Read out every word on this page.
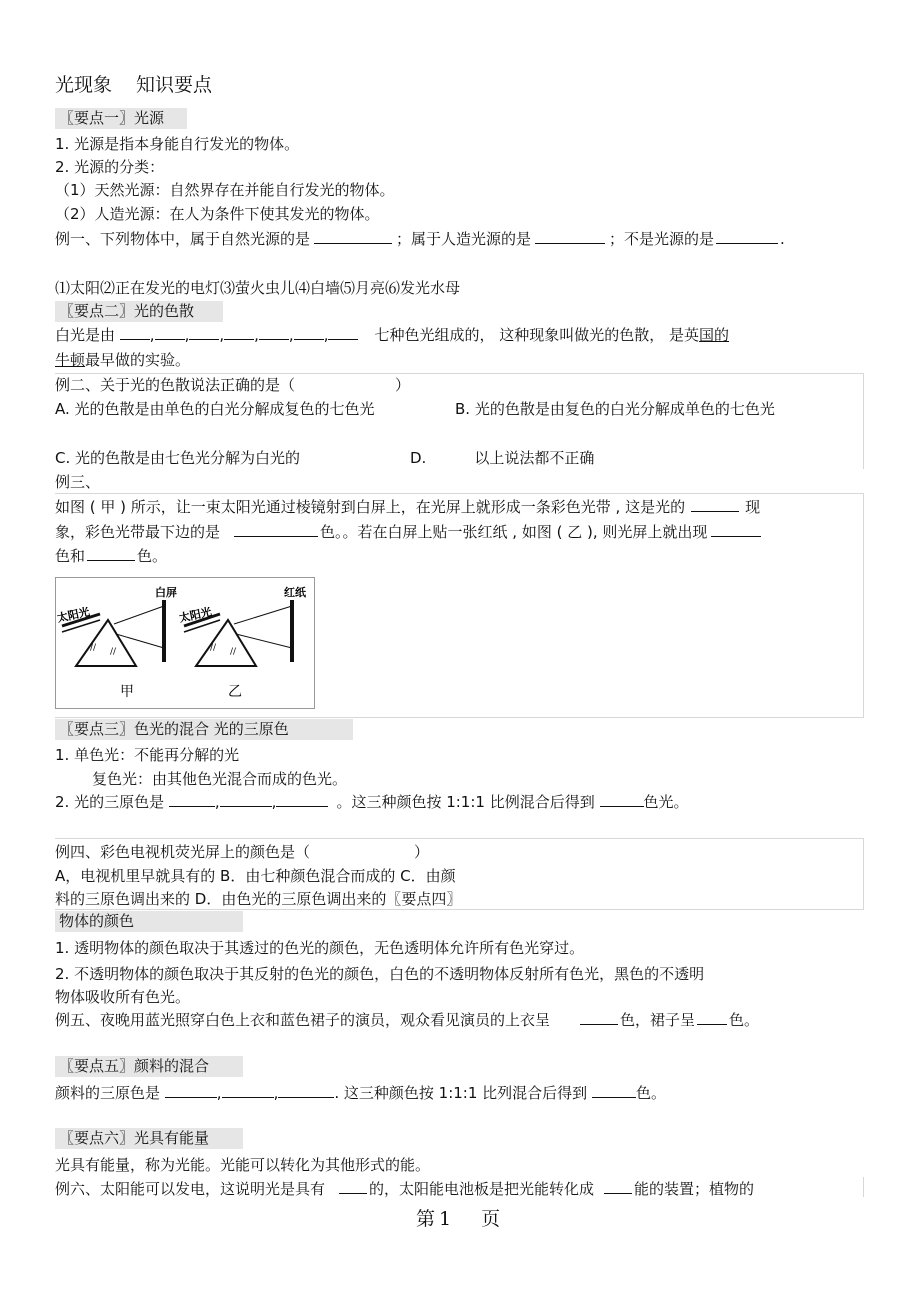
光现象 知识要点
〖要点一〗光源
1. 光源是指本身能自行发光的物体。
2. 光源的分类：
（1）天然光源：自然界存在并能自行发光的物体。
（2）人造光源：在人为条件下使其发光的物体。
例一、下列物体中，属于自然光源的是	；属于人造光源的是	；不是光源的是	.
⑴太阳⑵正在发光的电灯⑶萤火虫儿⑷白墙⑸月亮⑹发光水母
〖要点二〗光的色散
白光是由 , , , , , ,	七种色光组成的， 这种现象叫做光的色散， 是英国的
牛顿最早做的实验。
例二、关于光的色散说法正确的是（	）
A. 光的色散是由单色的白光分解成复色的七色光	B. 光的色散是由复色的白光分解成单色的七色光
C. 光的色散是由七色光分解为白光的	D.	以上说法都不正确
例三、
如图 ( 甲 ) 所示，让一束太阳光通过棱镜射到白屏上，在光屏上就形成一条彩色光带 , 这是光的	现
象，彩色光带最下边的是	色。。若在白屏上贴一张红纸 , 如图 ( 乙 ), 则光屏上就出现
色和	色。
// //
太阳光
白屏
// //
太阳光
红纸
甲	乙
〖要点三〗色光的混合 光的三原色
1. 单色光：不能再分解的光
复色光：由其他色光混合而成的色光。
2. 光的三原色是	,	,	。这三种颜色按 1:1:1 比例混合后得到	色光。
例四、彩色电视机荧光屏上的颜色是（	）
A，电视机里早就具有的 B．由七种颜色混合而成的 C．由颜
料的三原色调出来的 D．由色光的三原色调出来的〖要点四〗
物体的颜色
1. 透明物体的颜色取决于其透过的色光的颜色，无色透明体允许所有色光穿过。
2. 不透明物体的颜色取决于其反射的色光的颜色，白色的不透明物体反射所有色光，黑色的不透明
物体吸收所有色光。
例五、夜晚用蓝光照穿白色上衣和蓝色裙子的演员，观众看见演员的上衣呈	色，裙子呈 色。
〖要点五〗颜料的混合
颜料的三原色是	,	,	. 这三种颜色按 1:1:1 比列混合后得到	色。
〖要点六〗光具有能量
光具有能量，称为光能。光能可以转化为其他形式的能。
例六、太阳能可以发电，这说明光是具有	的，太阳能电池板是把光能转化成	能的装置；植物的
第 1 页
